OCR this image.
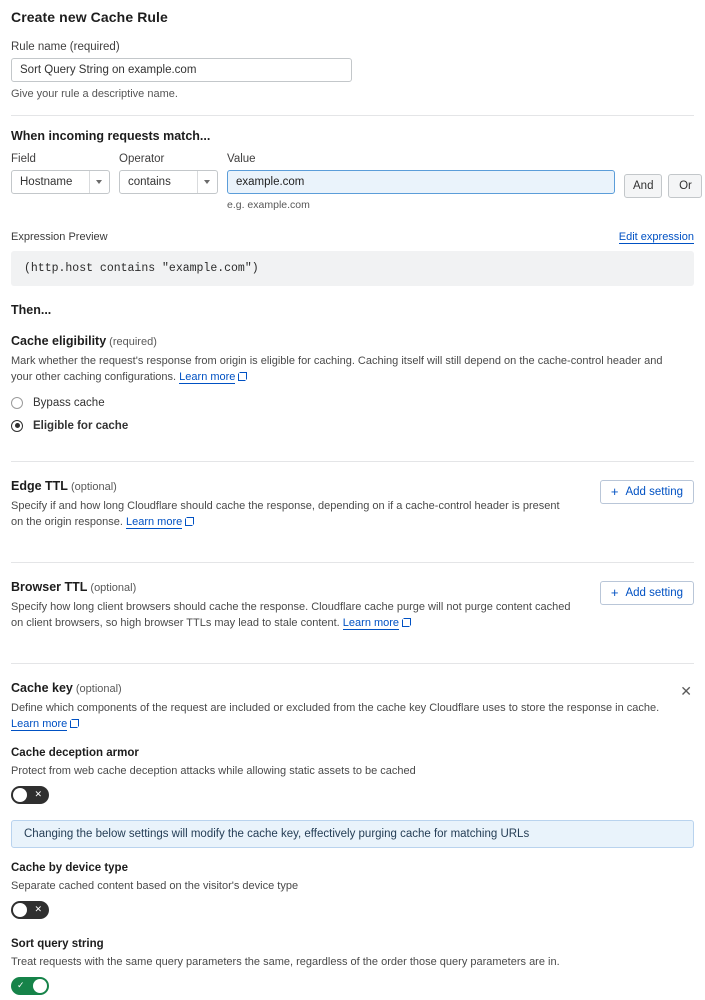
Create new Cache Rule
Rule name (required)
Sort Query String on example.com
Give your rule a descriptive name.
When incoming requests match...
Field
Hostname
Operator
contains
Value
example.com
e.g. example.com
And	Or
Expression Preview	Edit expression
(http.host contains "example.com")
Then...
Cache eligibility (required)
Mark whether the request's response from origin is eligible for caching. Caching itself will still depend on the cache-control header and your other caching configurations. Learn more
Bypass cache
Eligible for cache
Edge TTL (optional)
Specify if and how long Cloudflare should cache the response, depending on if a cache-control header is present on the origin response. Learn more
+ Add setting
Browser TTL (optional)
Specify how long client browsers should cache the response. Cloudflare cache purge will not purge content cached on client browsers, so high browser TTLs may lead to stale content. Learn more
+ Add setting
Cache key (optional)
Define which components of the request are included or excluded from the cache key Cloudflare uses to store the response in cache.
Learn more
✕
Cache deception armor
Protect from web cache deception attacks while allowing static assets to be cached
✕
Changing the below settings will modify the cache key, effectively purging cache for matching URLs
Cache by device type
Separate cached content based on the visitor's device type
✕
Sort query string
Treat requests with the same query parameters the same, regardless of the order those query parameters are in.
✓
